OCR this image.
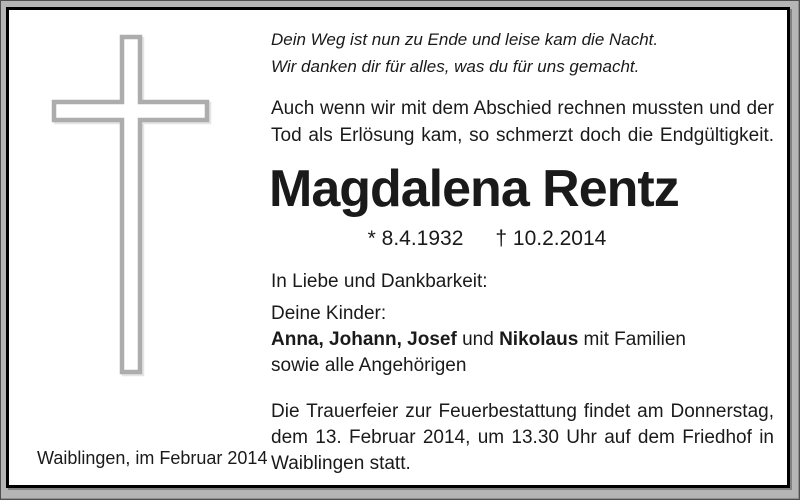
Dein Weg ist nun zu Ende und leise kam die Nacht.
Wir danken dir für alles, was du für uns gemacht.
Auch wenn wir mit dem Abschied rechnen mussten und der
Tod als Erlösung kam, so schmerzt doch die Endgültigkeit.
Magdalena Rentz
* 8.4.1932 † 10.2.2014
In Liebe und Dankbarkeit:
Deine Kinder:
Anna, Johann, Josef und Nikolaus mit Familien
sowie alle Angehörigen
Die Trauerfeier zur Feuerbestattung findet am Donnerstag,
dem 13. Februar 2014, um 13.30 Uhr auf dem Friedhof in
Waiblingen statt.
Waiblingen, im Februar 2014
